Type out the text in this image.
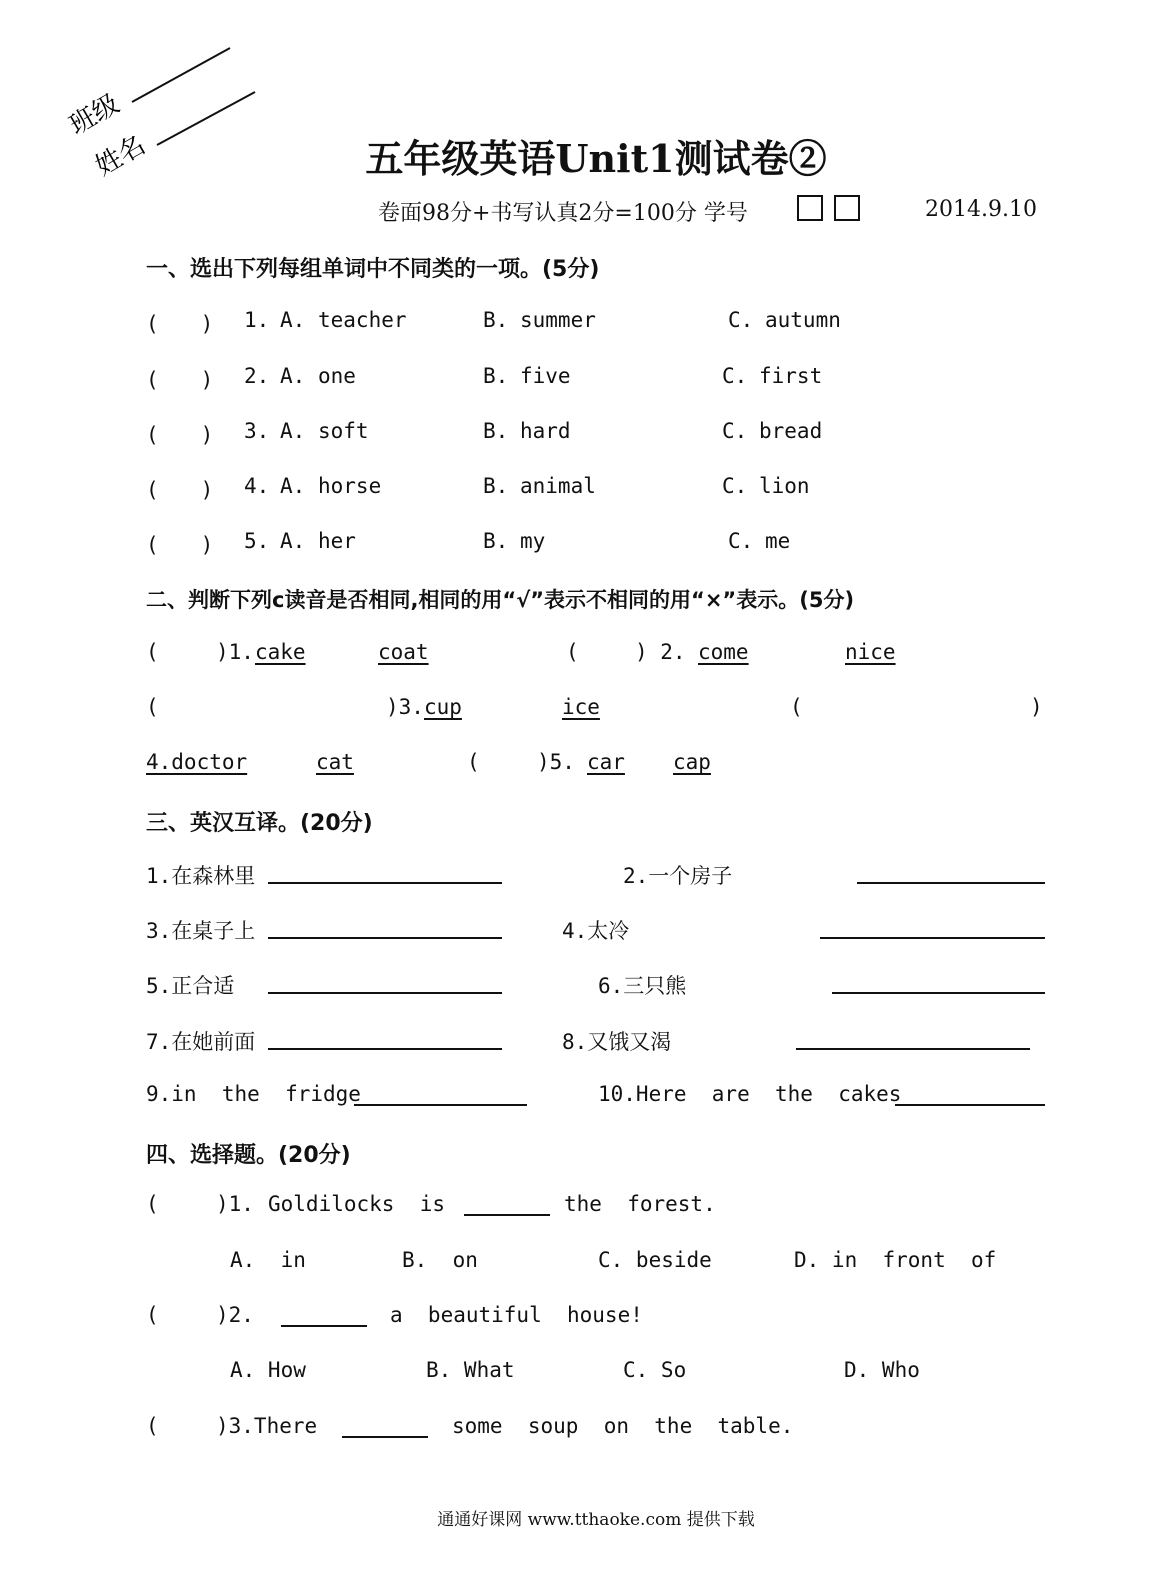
班级
姓名	五年级英语Unit1测试卷②
卷面98分+书写认真2分=100分 学号	2014.9.10
一、选出下列每组单词中不同类的一项。(5分)
(　　) 1. A. teacher	B. summer	C. autumn
(　　) 2. A. one	B. five	C. first
(　　) 3. A. soft	B. hard	C. bread
(　　) 4. A. horse	B. animal	C. lion
(　　) 5. A. her	B. my	C. me
二、判断下列c读音是否相同,相同的用“√”表示不相同的用“×”表示。(5分)
(	)1. cake	coat	(	) 2. come	nice
(	)3. cup	ice	(	)
4.doctor	cat	(	)5. car cap
三、英汉互译。(20分)
1.在森林里	2.一个房子
3.在桌子上	4.太冷
5.正合适	6.三只熊
7.在她前面	8.又饿又渴
9.in  the  fridge	10.Here  are  the  cakes
四、选择题。(20分)
(	)1. Goldilocks  is	the  forest.
A.  in	B.  on	C. beside	D. in  front  of
(	)2.	a  beautiful  house!
A. How	B. What	C. So	D. Who
(	)3.There	some  soup  on  the  table.
通通好课网 www.tthaoke.com 提供下载
